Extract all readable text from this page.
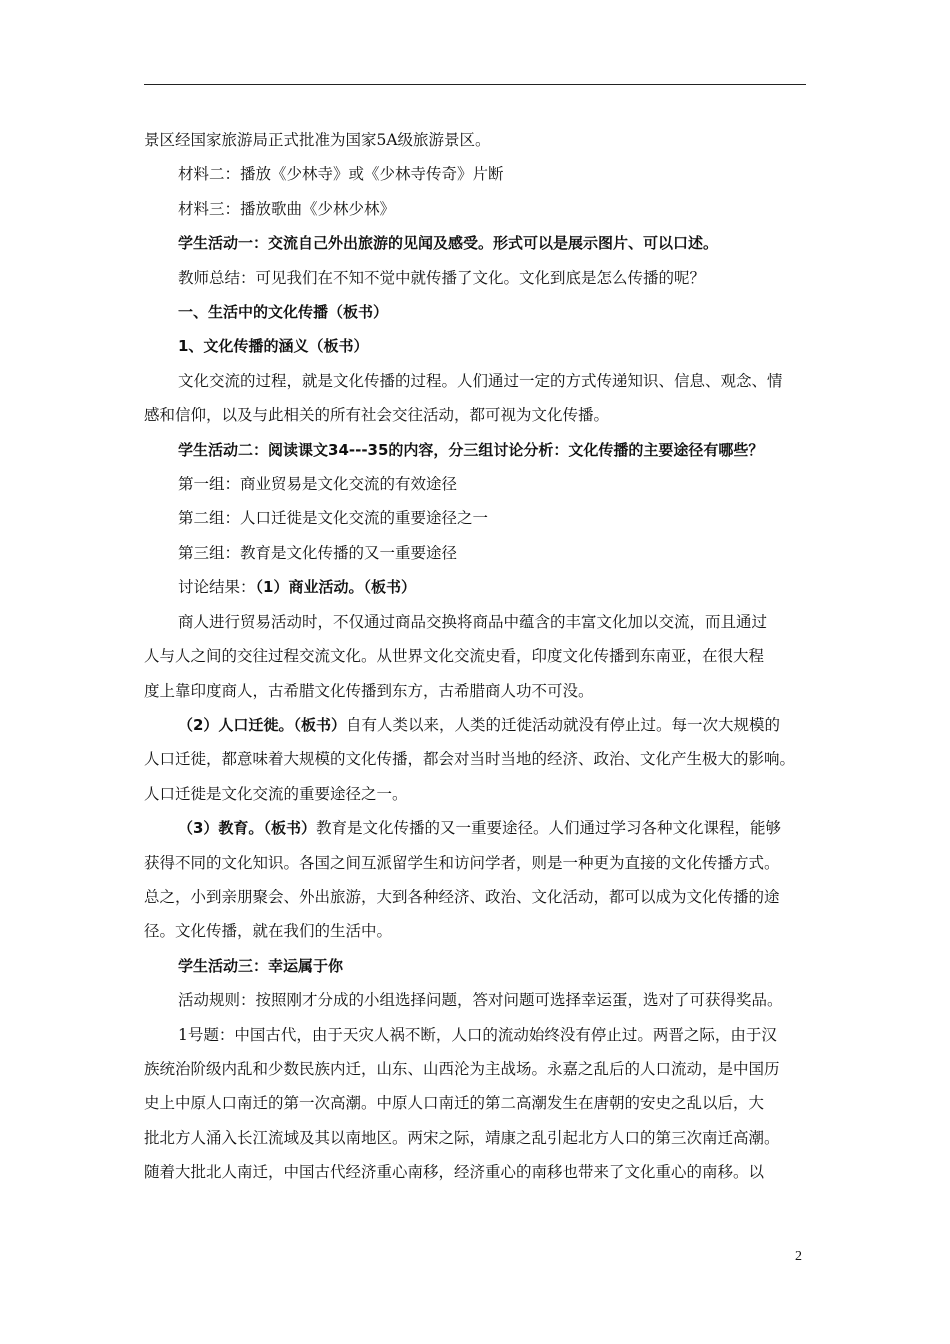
景区经国家旅游局正式批准为国家5A级旅游景区。
材料二：播放《少林寺》或《少林寺传奇》片断
材料三：播放歌曲《少林少林》
学生活动一：交流自己外出旅游的见闻及感受。形式可以是展示图片、可以口述。
教师总结：可见我们在不知不觉中就传播了文化。文化到底是怎么传播的呢？
一、生活中的文化传播（板书）
1、文化传播的涵义（板书）
文化交流的过程，就是文化传播的过程。人们通过一定的方式传递知识、信息、观念、情
感和信仰，以及与此相关的所有社会交往活动，都可视为文化传播。
学生活动二：阅读课文34---35的内容，分三组讨论分析：文化传播的主要途径有哪些？
第一组：商业贸易是文化交流的有效途径
第二组：人口迁徙是文化交流的重要途径之一
第三组：教育是文化传播的又一重要途径
讨论结果：（1）商业活动。（板书）
商人进行贸易活动时，不仅通过商品交换将商品中蕴含的丰富文化加以交流，而且通过
人与人之间的交往过程交流文化。从世界文化交流史看，印度文化传播到东南亚，在很大程
度上靠印度商人，古希腊文化传播到东方，古希腊商人功不可没。
（2）人口迁徙。（板书）自有人类以来，人类的迁徙活动就没有停止过。每一次大规模的
人口迁徙，都意味着大规模的文化传播，都会对当时当地的经济、政治、文化产生极大的影响。
人口迁徙是文化交流的重要途径之一。
（3）教育。（板书）教育是文化传播的又一重要途径。人们通过学习各种文化课程，能够
获得不同的文化知识。各国之间互派留学生和访问学者，则是一种更为直接的文化传播方式。
总之，小到亲朋聚会、外出旅游，大到各种经济、政治、文化活动，都可以成为文化传播的途
径。文化传播，就在我们的生活中。
学生活动三：幸运属于你
活动规则：按照刚才分成的小组选择问题，答对问题可选择幸运蛋，选对了可获得奖品。
1号题：中国古代，由于天灾人祸不断，人口的流动始终没有停止过。两晋之际，由于汉
族统治阶级内乱和少数民族内迁，山东、山西沦为主战场。永嘉之乱后的人口流动，是中国历
史上中原人口南迁的第一次高潮。中原人口南迁的第二高潮发生在唐朝的安史之乱以后，大
批北方人涌入长江流域及其以南地区。两宋之际，靖康之乱引起北方人口的第三次南迁高潮。
随着大批北人南迁，中国古代经济重心南移，经济重心的南移也带来了文化重心的南移。以
2
